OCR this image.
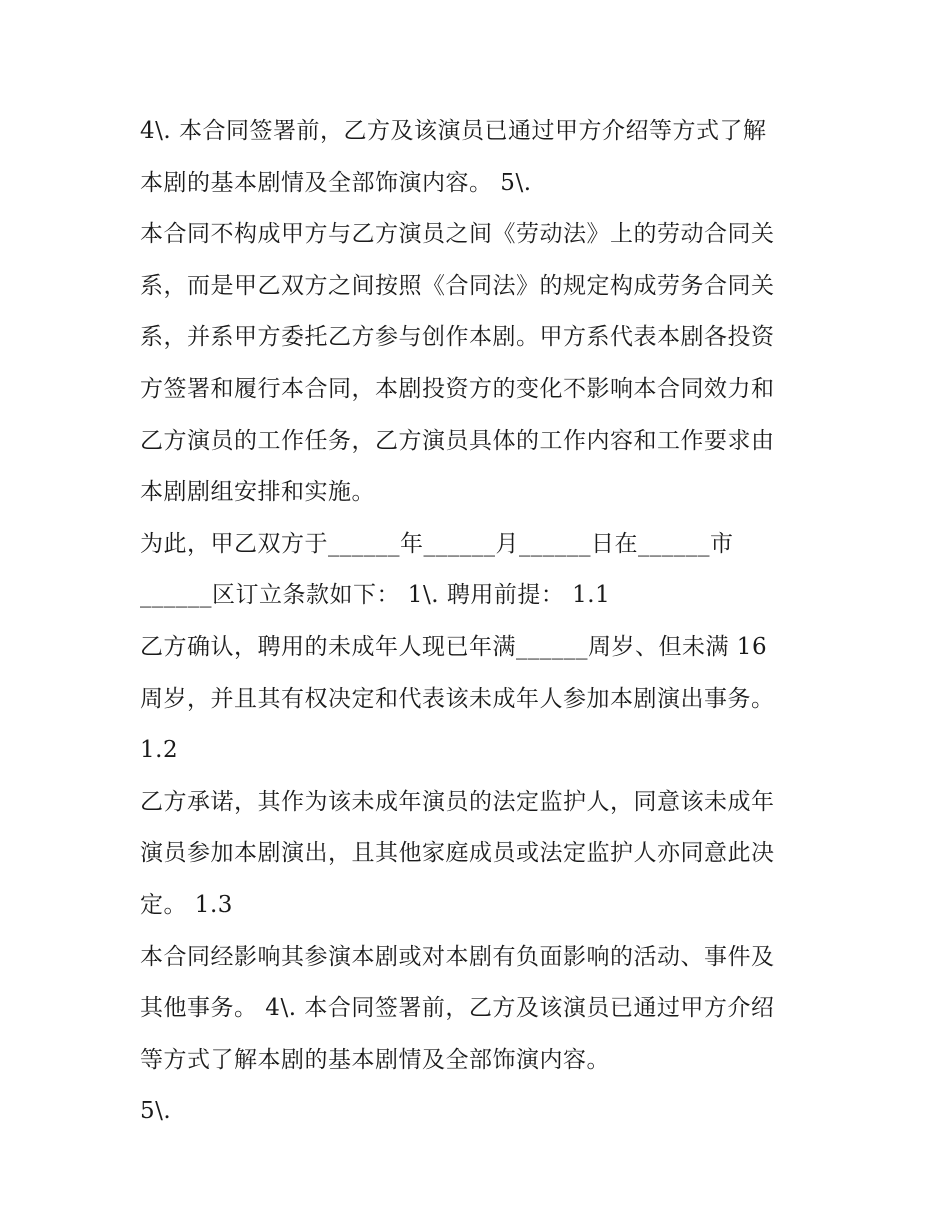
4\. 本合同签署前，乙方及该演员已通过甲方介绍等方式了解
本剧的基本剧情及全部饰演内容。 5\.
本合同不构成甲方与乙方演员之间《劳动法》上的劳动合同关
系，而是甲乙双方之间按照《合同法》的规定构成劳务合同关
系，并系甲方委托乙方参与创作本剧。甲方系代表本剧各投资
方签署和履行本合同，本剧投资方的变化不影响本合同效力和
乙方演员的工作任务，乙方演员具体的工作内容和工作要求由
本剧剧组安排和实施。
为此，甲乙双方于______年______月______日在______市
______区订立条款如下： 1\. 聘用前提： 1.1
乙方确认，聘用的未成年人现已年满______周岁、但未满 16
周岁，并且其有权决定和代表该未成年人参加本剧演出事务。
1.2
乙方承诺，其作为该未成年演员的法定监护人，同意该未成年
演员参加本剧演出，且其他家庭成员或法定监护人亦同意此决
定。 1.3
本合同经影响其参演本剧或对本剧有负面影响的活动、事件及
其他事务。 4\. 本合同签署前，乙方及该演员已通过甲方介绍
等方式了解本剧的基本剧情及全部饰演内容。
5\.
